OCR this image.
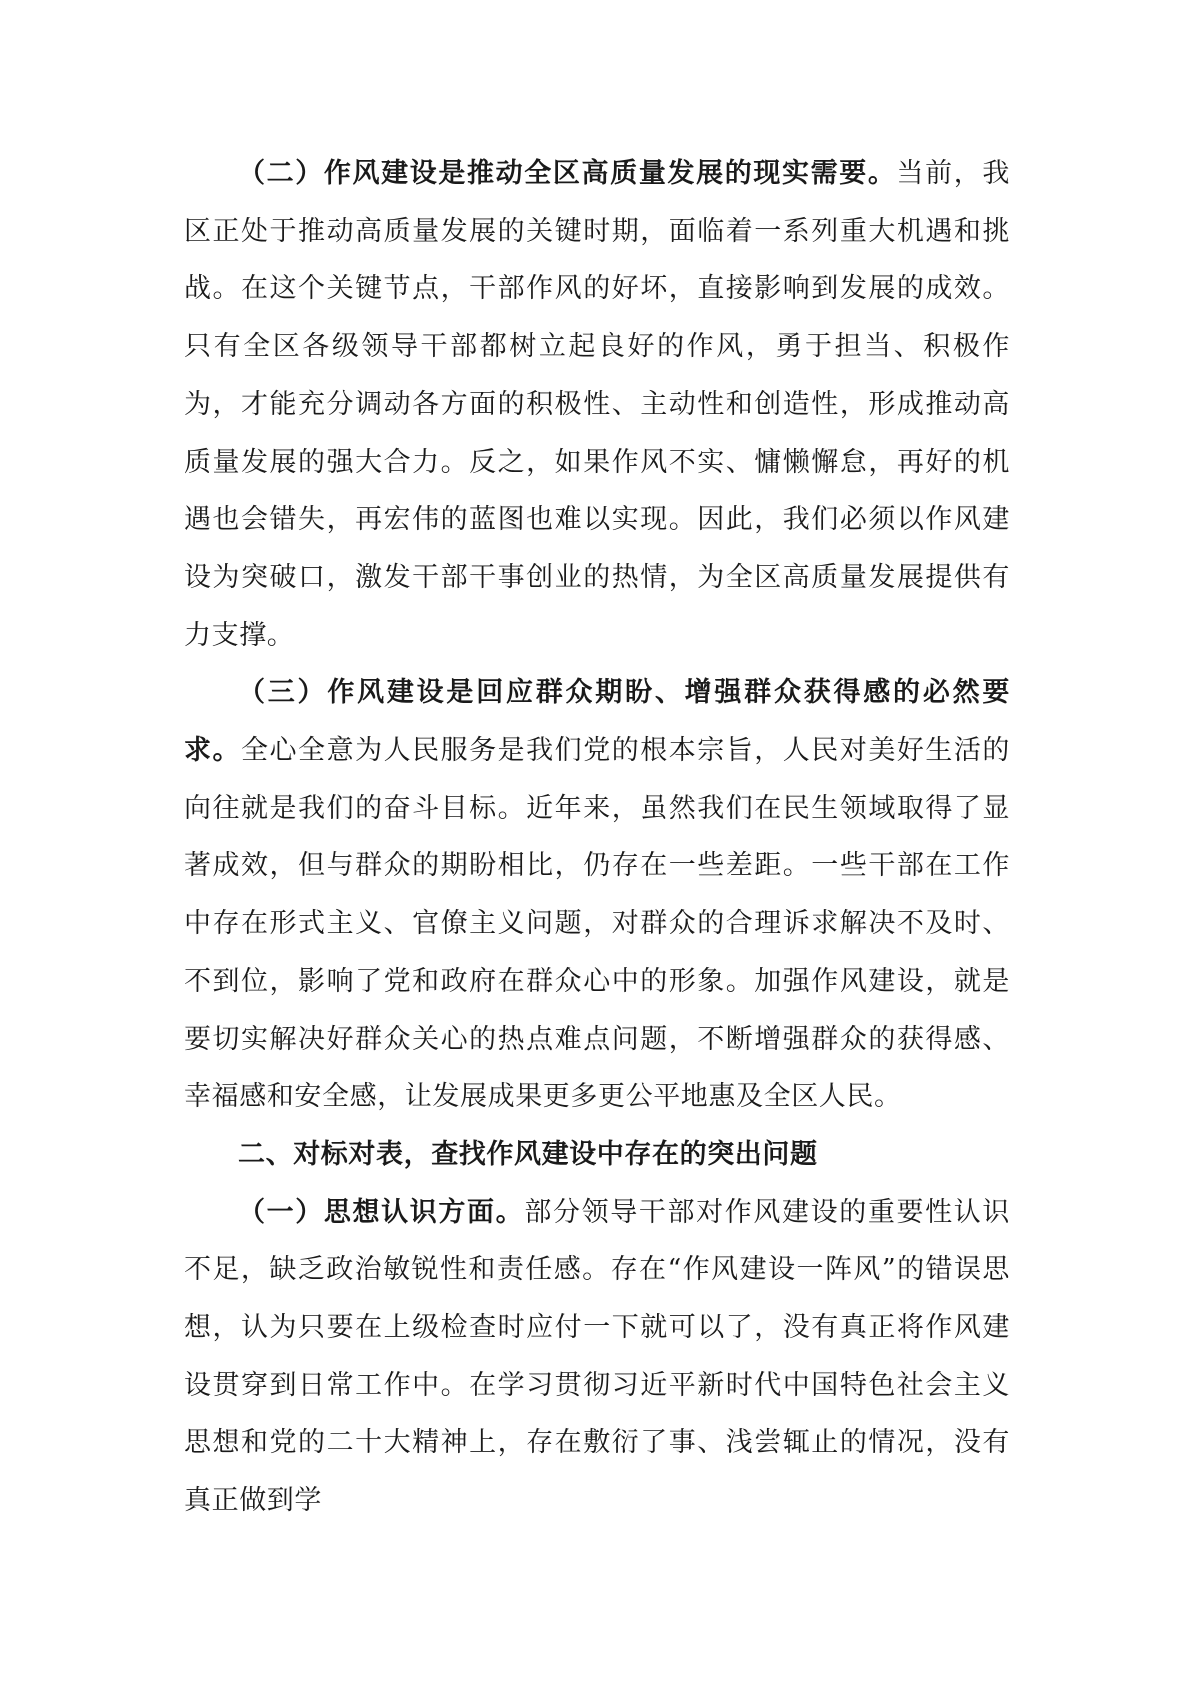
（二）作风建设是推动全区高质量发展的现实需要。当前，我区正处于推动高质量发展的关键时期，面临着一系列重大机遇和挑战。在这个关键节点，干部作风的好坏，直接影响到发展的成效。只有全区各级领导干部都树立起良好的作风，勇于担当、积极作为，才能充分调动各方面的积极性、主动性和创造性，形成推动高质量发展的强大合力。反之，如果作风不实、慵懒懈怠，再好的机遇也会错失，再宏伟的蓝图也难以实现。因此，我们必须以作风建设为突破口，激发干部干事创业的热情，为全区高质量发展提供有力支撑。

（三）作风建设是回应群众期盼、增强群众获得感的必然要求。全心全意为人民服务是我们党的根本宗旨，人民对美好生活的向往就是我们的奋斗目标。近年来，虽然我们在民生领域取得了显著成效，但与群众的期盼相比，仍存在一些差距。一些干部在工作中存在形式主义、官僚主义问题，对群众的合理诉求解决不及时、不到位，影响了党和政府在群众心中的形象。加强作风建设，就是要切实解决好群众关心的热点难点问题，不断增强群众的获得感、幸福感和安全感，让发展成果更多更公平地惠及全区人民。

二、对标对表，查找作风建设中存在的突出问题

（一）思想认识方面。部分领导干部对作风建设的重要性认识不足，缺乏政治敏锐性和责任感。存在“作风建设一阵风”的错误思想，认为只要在上级检查时应付一下就可以了，没有真正将作风建设贯穿到日常工作中。在学习贯彻习近平新时代中国特色社会主义思想和党的二十大精神上，存在敷衍了事、浅尝辄止的情况，没有真正做到学
